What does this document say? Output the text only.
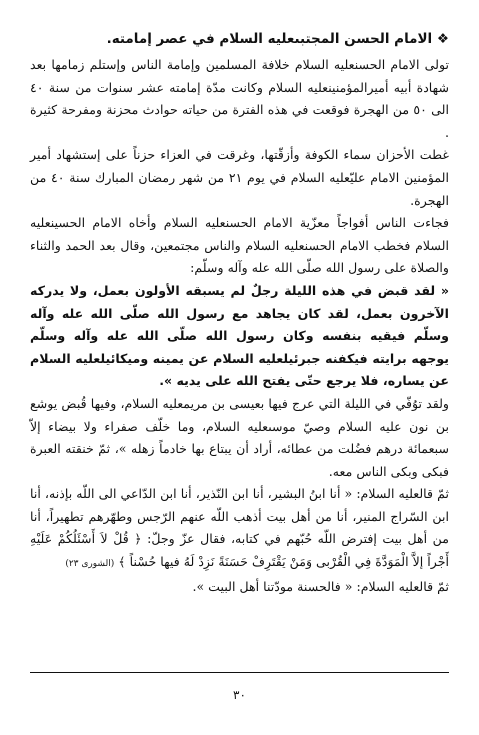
❖ الامام الحسن المجتبىعليه السلام في عصر إمامته.

تولى الامام الحسنعليه السلام خلافة المسلمين وإمامة الناس وإستلم زمامها بعد شهادة أبيه أميرالمؤمنينعليه السلام وكانت مدّة إمامته عشر سنوات من سنة ٤٠ الى ٥٠ من الهجرة فوقعت في هذه الفترة من حياته حوادث محزنة ومفرحة كثيرة .

غطت الأحزان سماء الكوفة وأزقّتها، وغرقت في العزاء حزناً على إستشهاد أمير المؤمنين الامام عليّعليه السلام في يوم ٢١ من شهر رمضان المبارك سنة ٤٠ من الهجرة.

فجاءت الناس أفواجاً معزّية الامام الحسنعليه السلام وأخاه الامام الحسينعليه السلام فخطب الامام الحسنعليه السلام والناس مجتمعين، وقال بعد الحمد والثناء والصلاة على رسول الله صلّى الله عله وآله وسلّم:

« لقد قبض في هذه الليلة رجلٌ لم يسبقه الأولون بعمل، ولا يدركه الآخرون بعمل، لقد كان يجاهد مع رسول الله صلّى الله عله وآله وسلّم فيقيه بنفسه وكان رسول الله صلّى الله عله وآله وسلّم يوجهه برايته فيكفنه جبرئيلعليه السلام عن يمينه وميكائيلعليه السلام عن يساره، فلا يرجع حتّى يفتح الله على يديه ».

ولقد توُفّي في الليلة التي عرج فيها بعيسى بن مريمعليه السلام، وفيها قُبض يوشع بن نون عليه السلام وصيّ موسىعليه السلام، وما خلّف صفراء ولا بيضاء إلاّ سبعمائة درهم فضُلت من عطائه، أراد أن يبتاع بها خادماً زهله »، ثمّ خنقته العبرة فبكى وبكى الناس معه.

ثمّ قالعليه السلام: « أنا ابنُ البشير، أنا ابن النّذير، أنا ابن الدّاعي الى اللّه بإذنه، أنا ابن السّراج المنير، أنا من أهل بيت أذهب اللّه عنهم الرّجس وطهّرهم تطهيراً، أنا من أهل بيت إفترض اللّه حُبّهم في كتابه، فقال عزّ وجلّ: ﴿ قُلْ لاَ أَسْئَلُكُمْ عَلَيْهِ أَجْراً إلاَّ الْمَوَدَّةَ فِي الْقُرْبى وَمَنْ يَقْتَرِفْ حَسَنَةً نَزِدْ لَهُ فيها حُسْناً ﴾ (الشورى ٢٣)

ثمّ قالعليه السلام: « فالحسنة مودّتنا أهل البيت ».

٣٠
